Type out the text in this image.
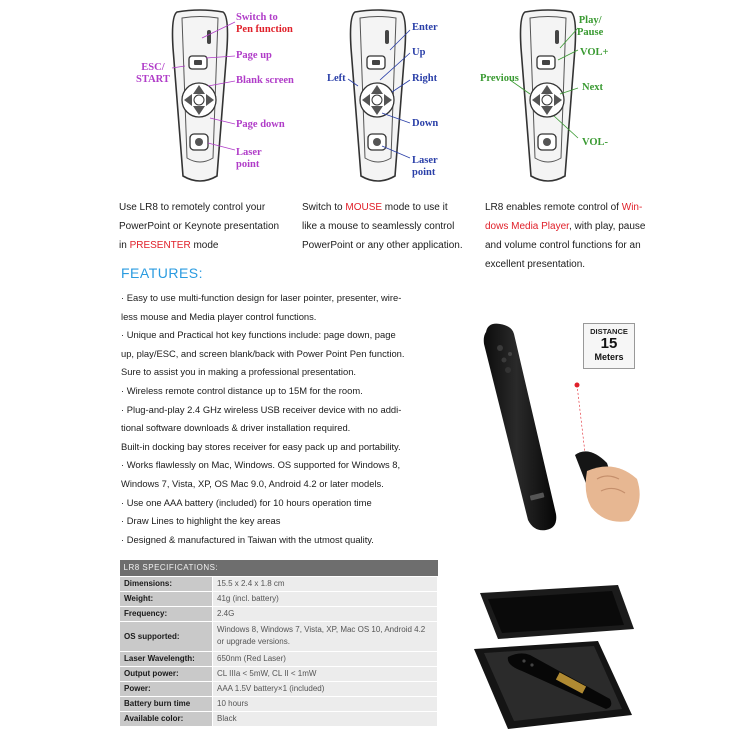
Switch to
Pen function
ESC/
START
Page up
Blank screen
Page down
Laser
point
Enter
Up
Left	Right
Down
Laser
point
Play/
Pause
VOL+
Previous
Next
VOL-
Use LR8 to remotely control your
PowerPoint or Keynote presentation
in PRESENTER mode
Switch to MOUSE mode to use it
like a mouse to seamlessly control
PowerPoint or any other application.
LR8 enables remote control of Win-
dows Media Player, with play, pause
and volume control functions for an
excellent presentation.
FEATURES:
· Easy to use multi-function design for laser pointer, presenter, wire-
less mouse and Media player control functions.
· Unique and Practical hot key functions include: page down, page
up, play/ESC, and screen blank/back with Power Point Pen function.
Sure to assist you in making a professional presentation.
· Wireless remote control distance up to 15M for the room.
· Plug-and-play 2.4 GHz wireless USB receiver device with no addi-
tional software downloads & driver installation required.
Built-in docking bay stores receiver for easy pack up and portability.
· Works flawlessly on Mac, Windows. OS supported for Windows 8,
Windows 7, Vista, XP, OS Mac 9.0, Android 4.2 or later models.
· Use one AAA battery (included) for 10 hours operation time
· Draw Lines to highlight the key areas
· Designed & manufactured in Taiwan with the utmost quality.
LR8 SPECIFICATIONS:	
Dimensions:	15.5 x 2.4 x 1.8 cm
Weight:	41g (incl. battery)
Frequency:	2.4G
OS supported:	Windows 8, Windows 7, Vista, XP, Mac OS 10, Android 4.2 or upgrade versions.
Laser Wavelength:	650nm (Red Laser)
Output power:	CL IIIa < 5mW, CL II < 1mW
Power:	AAA 1.5V battery×1 (included)
Battery burn time	10 hours
Available color:	Black
DISTANCE
15
Meters
